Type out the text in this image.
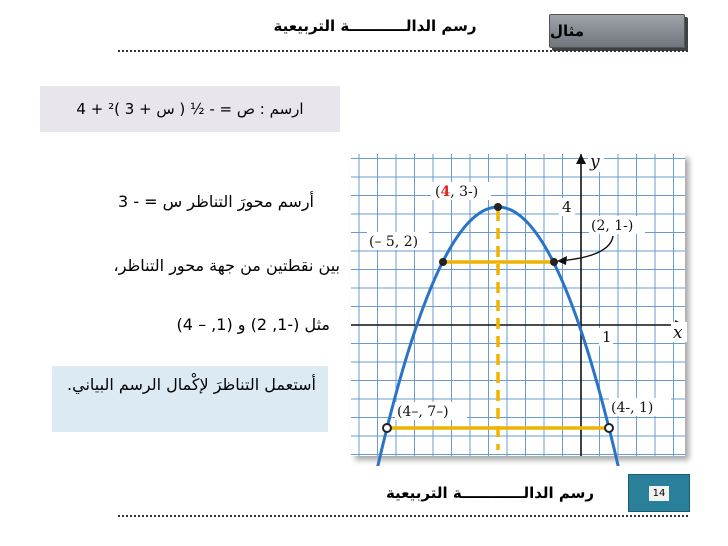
مثال
رسم الدالـــــــــــة التربيعية
ارسم : ص = - ½ ( س + 3 )² + 4
أرسم محورَ التناظر س = - 3
بين نقطتين من جهة محور التناظر،
مثل (-1, 2) و (1, – 4)
أستعمل التناظرَ لإكْمال الرسم البياني.
(4, 3-)
(– 5, 2)
(2, 1-)
(4–, 7–)	(4-, 1)
y
x
4
1
رسم الدالــــــــــــة التربيعية	14
